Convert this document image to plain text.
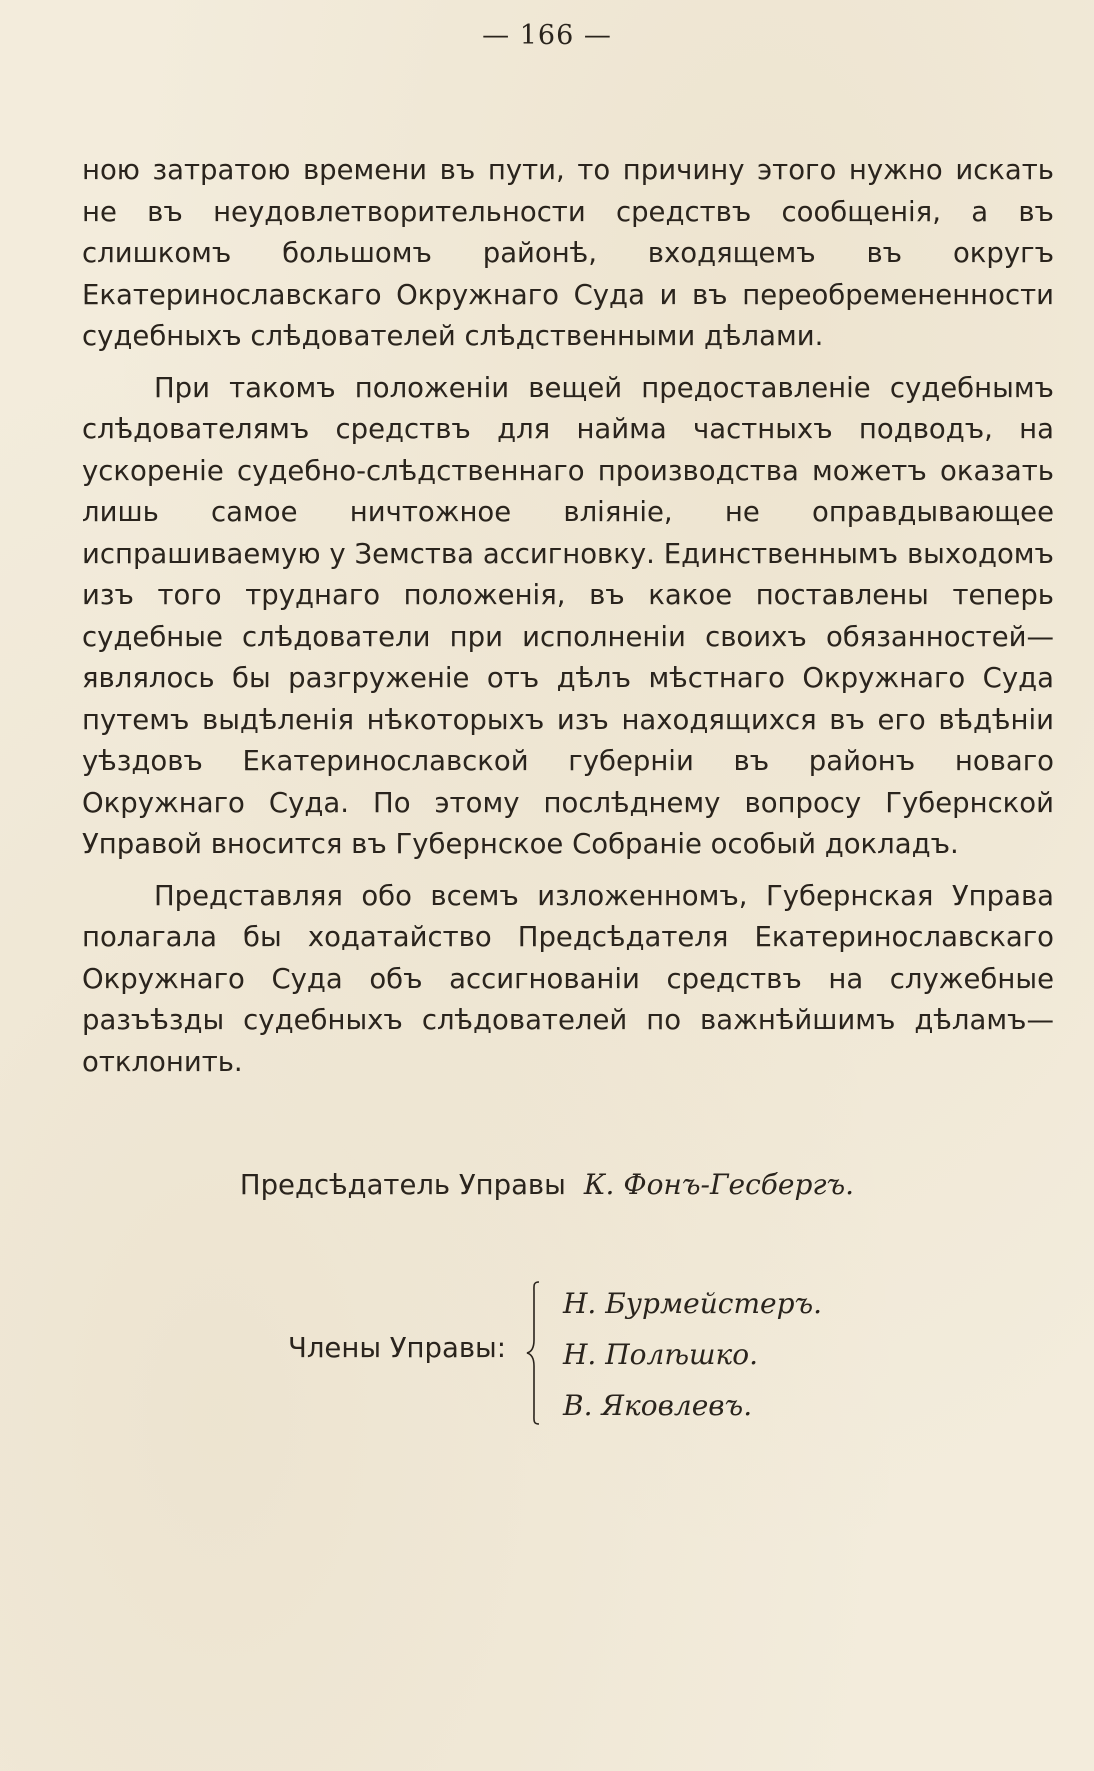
— 166 —

ною затратою времени въ пути, то причину этого нужно искать не въ неудовлетворительности средствъ сообщенія, а въ слишкомъ большомъ районѣ, входящемъ въ округъ Екатеринославскаго Окружнаго Суда и въ переобремененности судебныхъ слѣдователей слѣдственными дѣлами.

При такомъ положеніи вещей предоставленіе судебнымъ слѣдователямъ средствъ для найма частныхъ подводъ, на ускореніе судебно-слѣдственнаго производства можетъ оказать лишь самое ничтожное вліяніе, не оправдывающее испрашиваемую у Земства ассигновку. Единственнымъ выходомъ изъ того труднаго положенія, въ какое поставлены теперь судебные слѣдователи при исполненіи своихъ обязанностей—являлось бы разгруженіе отъ дѣлъ мѣстнаго Окружнаго Суда путемъ выдѣленія нѣкоторыхъ изъ находящихся въ его вѣдѣніи уѣздовъ Екатеринославской губерніи въ районъ новаго Окружнаго Суда. По этому послѣднему вопросу Губернской Управой вносится въ Губернское Собраніе особый докладъ.

Представляя обо всемъ изложенномъ, Губернская Управа полагала бы ходатайство Предсѣдателя Екатеринославскаго Окружнаго Суда объ ассигнованіи средствъ на служебные разъѣзды судебныхъ слѣдователей по важнѣйшимъ дѣламъ—отклонить.

Предсѣдатель Управы К. Фонъ-Гесбергъ.
Члены Управы:
Н. Бурмейстеръ.
Н. Полѣшко.
В. Яковлевъ.
